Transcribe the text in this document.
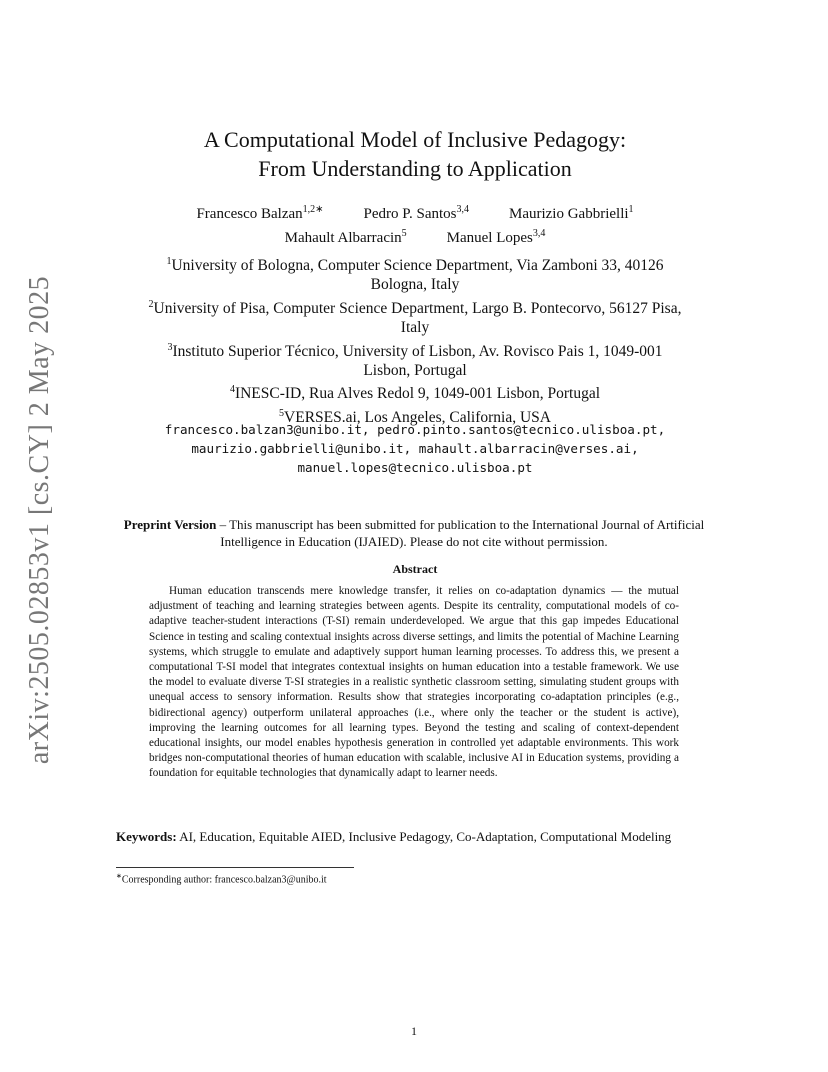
arXiv:2505.02853v1 [cs.CY] 2 May 2025
A Computational Model of Inclusive Pedagogy:
From Understanding to Application
Francesco Balzan$^{1,2∗}$	Pedro P. Santos$^{3,4}$	Maurizio Gabbrielli$^1$
Mahault Albarracin$^5$	Manuel Lopes$^{3,4}$
$^1$University of Bologna, Computer Science Department, Via Zamboni 33, 40126
Bologna, Italy
$^2$University of Pisa, Computer Science Department, Largo B. Pontecorvo, 56127 Pisa,
Italy
$^3$Instituto Superior Técnico, University of Lisbon, Av. Rovisco Pais 1, 1049-001
Lisbon, Portugal
$^4$INESC-ID, Rua Alves Redol 9, 1049-001 Lisbon, Portugal
$^5$VERSES.ai, Los Angeles, California, USA
francesco.balzan3@unibo.it, pedro.pinto.santos@tecnico.ulisboa.pt,
maurizio.gabbrielli@unibo.it, mahault.albarracin@verses.ai,
manuel.lopes@tecnico.ulisboa.pt
Preprint Version – This manuscript has been submitted for publication to the International Journal of Artificial Intelligence in Education (IJAIED). Please do not cite without permission.
Abstract

Human education transcends mere knowledge transfer, it relies on co-adaptation dynamics — the mutual adjustment of teaching and learning strategies between agents. Despite its centrality, computational models of co-adaptive teacher-student interactions (T-SI) remain underdeveloped. We argue that this gap impedes Educational Science in testing and scaling contextual insights across diverse settings, and limits the potential of Machine Learning systems, which struggle to emulate and adaptively support human learning processes. To address this, we present a computational T-SI model that integrates contextual insights on human education into a testable framework. We use the model to evaluate diverse T-SI strategies in a realistic synthetic classroom setting, simulating student groups with unequal access to sensory information. Results show that strategies incorporating co-adaptation principles (e.g., bidirectional agency) outperform unilateral approaches (i.e., where only the teacher or the student is active), improving the learning outcomes for all learning types. Beyond the testing and scaling of context-dependent educational insights, our model enables hypothesis generation in controlled yet adaptable environments. This work bridges non-computational theories of human education with scalable, inclusive AI in Education systems, providing a foundation for equitable technologies that dynamically adapt to learner needs.

Keywords: AI, Education, Equitable AIED, Inclusive Pedagogy, Co-Adaptation, Computational Modeling
∗Corresponding author: francesco.balzan3@unibo.it
1
